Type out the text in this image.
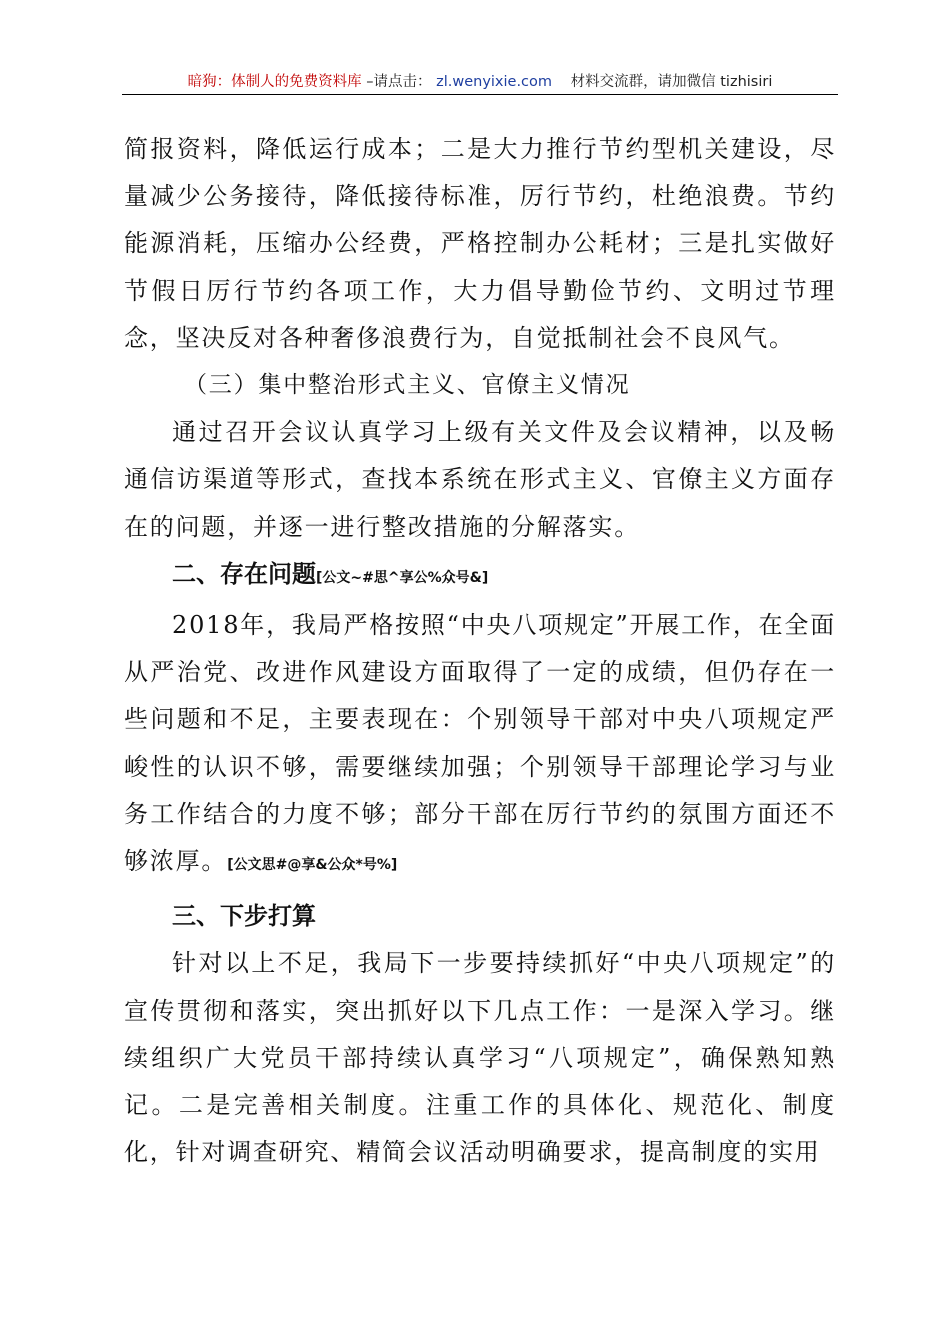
暗狗：体制人的免费资料库 –请点击： zl.wenyixie.com 材料交流群，请加微信 tizhisiri

简报资料，降低运行成本；二是大力推行节约型机关建设，尽量减少公务接待，降低接待标准，厉行节约，杜绝浪费。节约能源消耗，压缩办公经费，严格控制办公耗材；三是扎实做好节假日厉行节约各项工作，大力倡导勤俭节约、文明过节理念，坚决反对各种奢侈浪费行为，自觉抵制社会不良风气。

（三）集中整治形式主义、官僚主义情况

通过召开会议认真学习上级有关文件及会议精神，以及畅通信访渠道等形式，查找本系统在形式主义、官僚主义方面存在的问题，并逐一进行整改措施的分解落实。

二、存在问题[公文~#思^享公%众号&]

2018年，我局严格按照“中央八项规定”开展工作，在全面从严治党、改进作风建设方面取得了一定的成绩，但仍存在一些问题和不足，主要表现在：个别领导干部对中央八项规定严峻性的认识不够，需要继续加强；个别领导干部理论学习与业务工作结合的力度不够；部分干部在厉行节约的氛围方面还不够浓厚。[公文思#@享&公众*号%]

三、下步打算

针对以上不足，我局下一步要持续抓好“中央八项规定”的宣传贯彻和落实，突出抓好以下几点工作：一是深入学习。继续组织广大党员干部持续认真学习“八项规定”，确保熟知熟记。二是完善相关制度。注重工作的具体化、规范化、制度化，针对调查研究、精简会议活动明确要求，提高制度的实用
